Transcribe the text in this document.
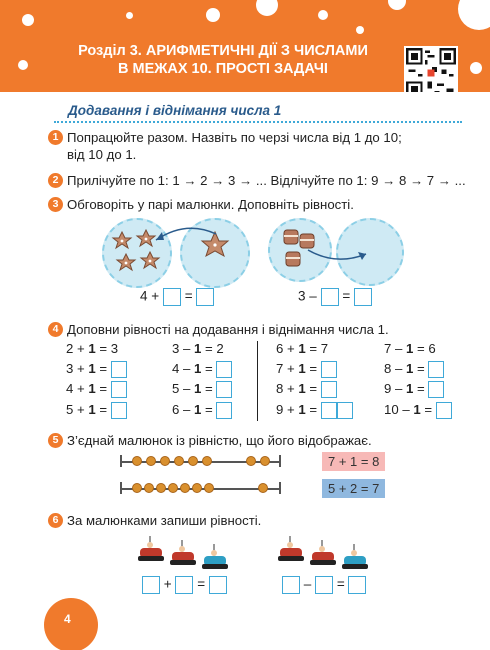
Розділ 3. АРИФМЕТИЧНІ ДІЇ З ЧИСЛАМИ
В МЕЖАХ 10. ПРОСТІ ЗАДАЧІ
Додавання і віднімання числа 1
1 Попрацюйте разом. Назвіть по черзі числа від 1 до 10;
від 10 до 1.
2 Прилічуйте по 1: 1 → 2 → 3 → ... Відлічуйте по 1: 9 → 8 → 7 → ...
3 Обговоріть у парі малюнки. Доповніть рівності.
4 + =	3 – =
4 Доповни рівності на додавання і віднімання числа 1.
2 + 1 = 3
3 + 1 =
4 + 1 =
5 + 1 =
3 – 1 = 2
4 – 1 =
5 – 1 =
6 – 1 =
6 + 1 = 7
7 + 1 =
8 + 1 =
9 + 1 =
7 – 1 = 6
8 – 1 =
9 – 1 =
10 – 1 =
5 З’єднай малюнок із рівністю, що його відображає.
7 + 1 = 8
5 + 2 = 7
6 За малюнками запиши рівності.
+ =	– =
4
